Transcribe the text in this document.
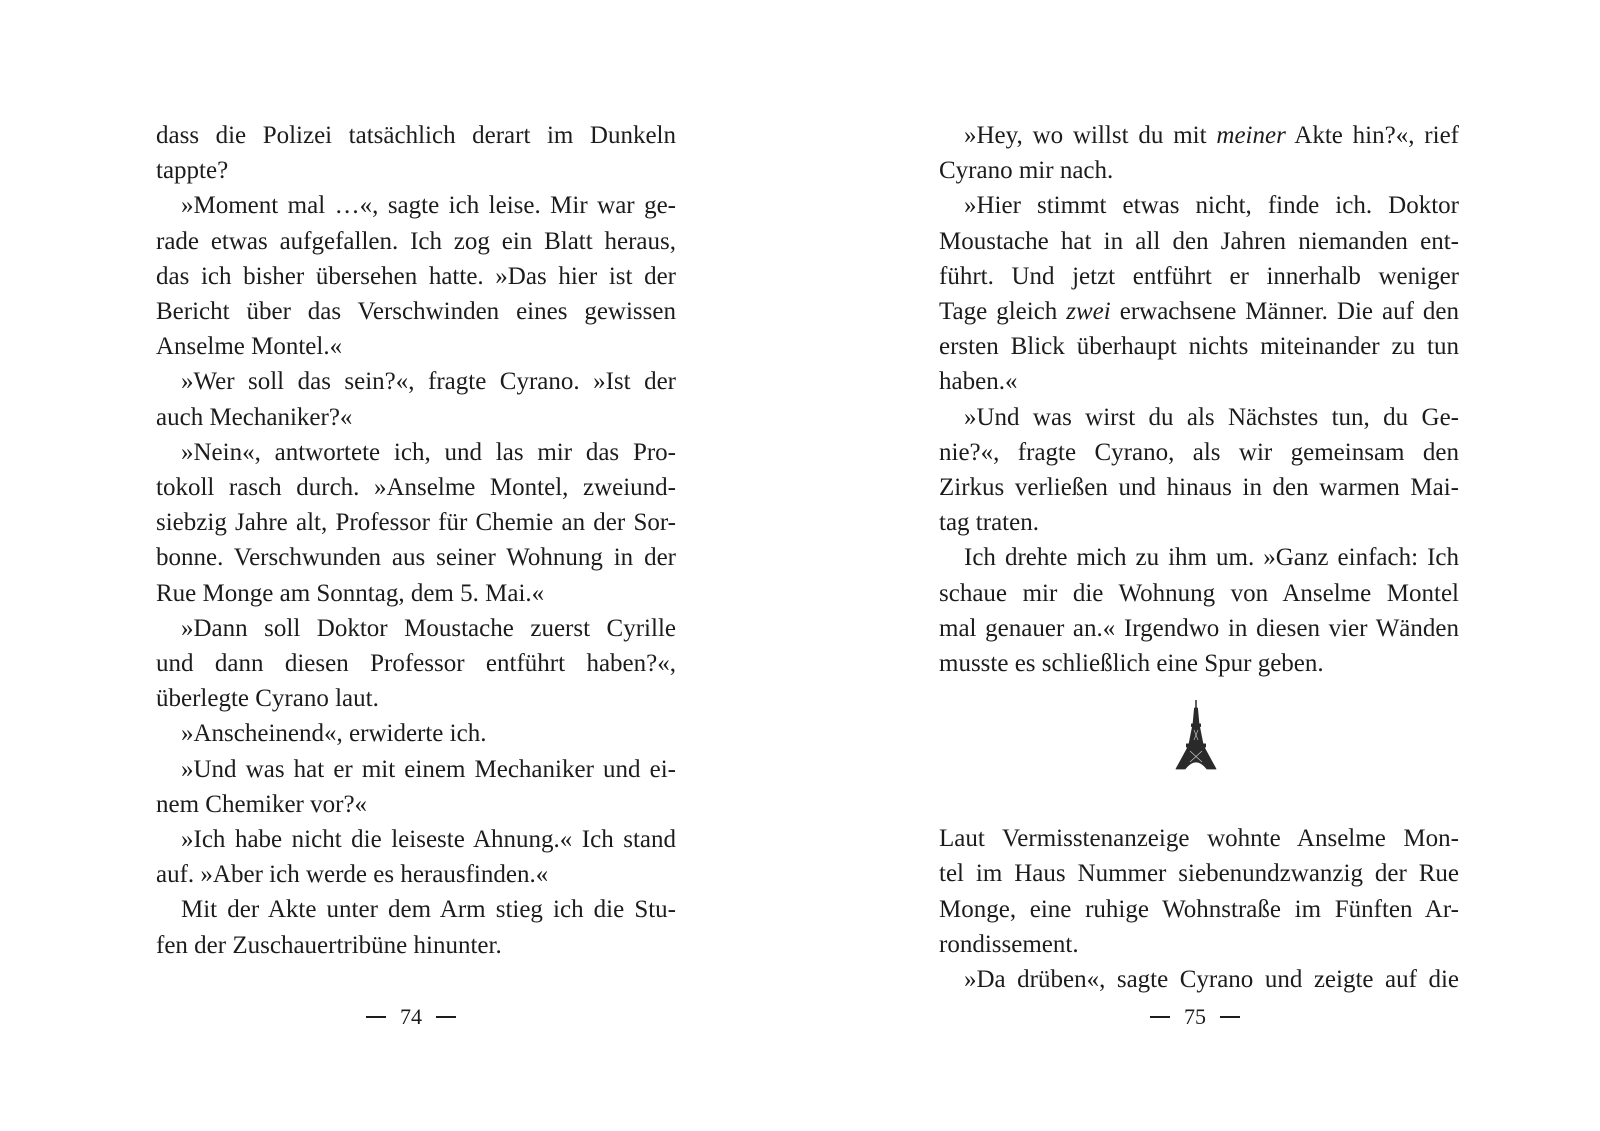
dass die Polizei tatsächlich derart im Dunkeln
tappte?
»Moment mal …«, sagte ich leise. Mir war ge-
rade etwas aufgefallen. Ich zog ein Blatt heraus,
das ich bisher übersehen hatte. »Das hier ist der
Bericht über das Verschwinden eines gewissen
Anselme Montel.«
»Wer soll das sein?«, fragte Cyrano. »Ist der
auch Mechaniker?«
»Nein«, antwortete ich, und las mir das Pro-
tokoll rasch durch. »Anselme Montel, zweiund-
siebzig Jahre alt, Professor für Chemie an der Sor-
bonne. Verschwunden aus seiner Wohnung in der
Rue Monge am Sonntag, dem 5. Mai.«
»Dann soll Doktor Moustache zuerst Cyrille
und dann diesen Professor entführt haben?«,
überlegte Cyrano laut.
»Anscheinend«, erwiderte ich.
»Und was hat er mit einem Mechaniker und ei-
nem Chemiker vor?«
»Ich habe nicht die leiseste Ahnung.« Ich stand
auf. »Aber ich werde es herausfinden.«
Mit der Akte unter dem Arm stieg ich die Stu-
fen der Zuschauertribüne hinunter.
74
»Hey, wo willst du mit meiner Akte hin?«, rief
Cyrano mir nach.
»Hier stimmt etwas nicht, finde ich. Doktor
Moustache hat in all den Jahren niemanden ent-
führt. Und jetzt entführt er innerhalb weniger
Tage gleich zwei erwachsene Männer. Die auf den
ersten Blick überhaupt nichts miteinander zu tun
haben.«
»Und was wirst du als Nächstes tun, du Ge-
nie?«, fragte Cyrano, als wir gemeinsam den
Zirkus verließen und hinaus in den warmen Mai-
tag traten.
Ich drehte mich zu ihm um. »Ganz einfach: Ich
schaue mir die Wohnung von Anselme Montel
mal genauer an.« Irgendwo in diesen vier Wänden
musste es schließlich eine Spur geben.
Laut Vermisstenanzeige wohnte Anselme Mon-
tel im Haus Nummer siebenundzwanzig der Rue
Monge, eine ruhige Wohnstraße im Fünften Ar-
rondissement.
»Da drüben«, sagte Cyrano und zeigte auf die
75
